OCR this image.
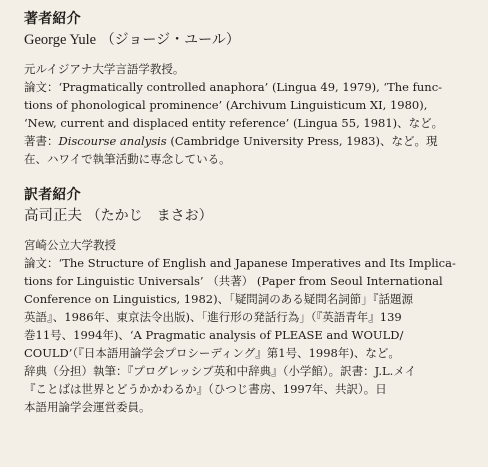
著者紹介

George Yule （ジョージ・ユール）

元ルイジアナ大学言語学教授。
論文：‘Pragmatically controlled anaphora’ (Lingua 49, 1979), ‘The func-
tions of phonological prominence’ (Archivum Linguisticum XI, 1980),
‘New, current and displaced entity reference’ (Lingua 55, 1981)、など。
著書：Discourse analysis (Cambridge University Press, 1983)、など。現
在、ハワイで執筆活動に専念している。
訳者紹介

高司正夫 （たかじ　まさお）

宮崎公立大学教授
論文：‘The Structure of English and Japanese Imperatives and Its Implica-
tions for Linguistic Universals’ （共著） (Paper from Seoul International
Conference on Linguistics, 1982)、「疑問詞のある疑問名詞節」『話題源
英語』、1986年、東京法令出版)、「進行形の発話行為」（『英語青年』139
巻11号、1994年)、‘A Pragmatic analysis of PLEASE and WOULD/
COULD’（『日本語用論学会プロシーディング』第1号、1998年)、など。
辞典（分担）執筆：『プログレッシブ英和中辞典』（小学館）。訳書：J.L.メイ
『ことばは世界とどうかかわるか』（ひつじ書房、1997年、共訳）。日
本語用論学会運営委員。
